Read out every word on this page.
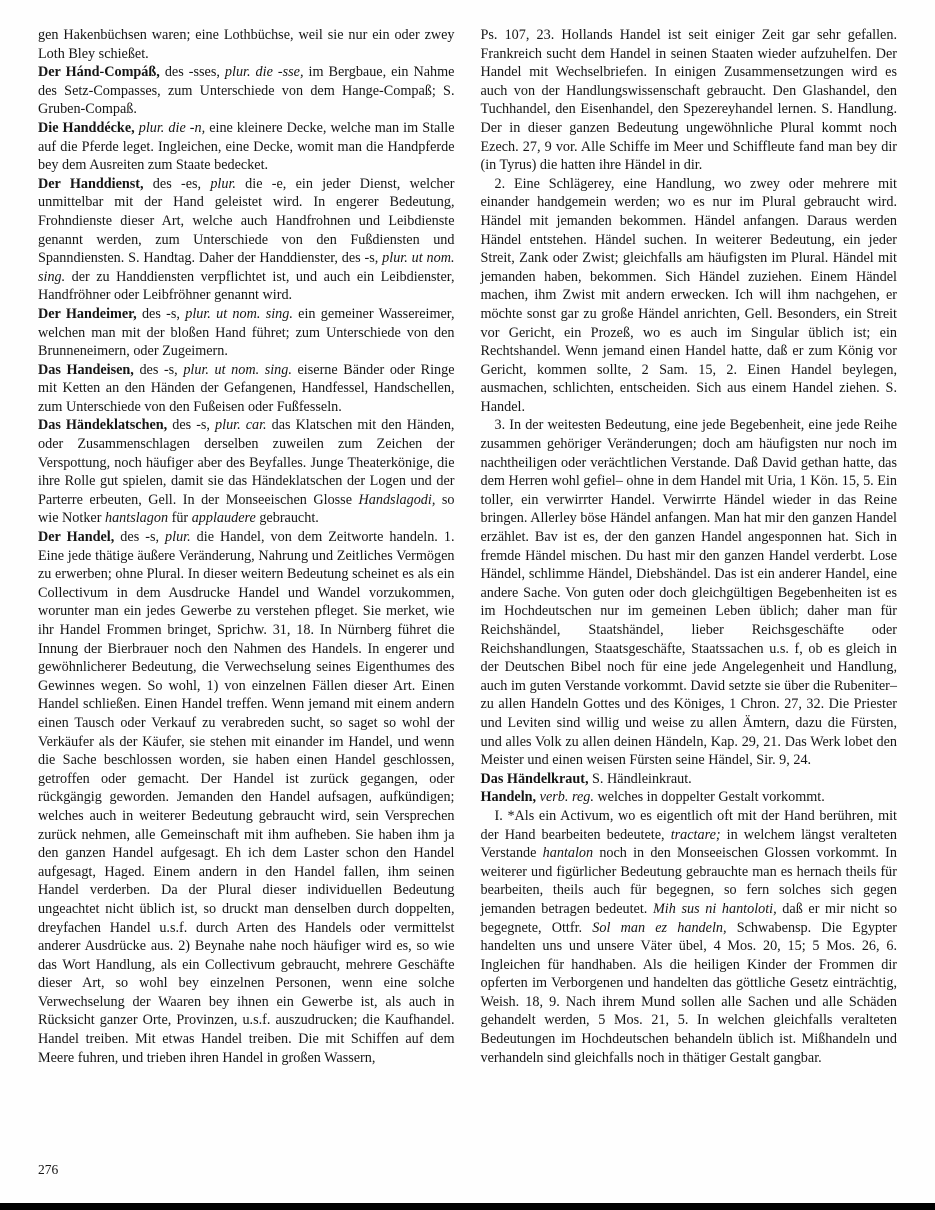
gen Hakenbüchsen waren; eine Lothbüchse, weil sie nur ein oder zwey Loth Bley schießet.

Der Hánd-Compáß, des -sses, plur. die -sse, im Bergbaue, ein Nahme des Setz-Compasses, zum Unterschiede von dem Hange-Compaß; S. Gruben-Compaß.

Die Handdécke, plur. die -n, eine kleinere Decke, welche man im Stalle auf die Pferde leget. Ingleichen, eine Decke, womit man die Handpferde bey dem Ausreiten zum Staate bedecket.

Der Handdienst, des -es, plur. die -e, ein jeder Dienst, welcher unmittelbar mit der Hand geleistet wird. In engerer Bedeutung, Frohndienste dieser Art, welche auch Handfrohnen und Leibdienste genannt werden, zum Unterschiede von den Fußdiensten und Spanndiensten. S. Handtag. Daher der Handdienster, des -s, plur. ut nom. sing. der zu Handdiensten verpflichtet ist, und auch ein Leibdienster, Handfröhner oder Leibfröhner genannt wird.

Der Handeimer, des -s, plur. ut nom. sing. ein gemeiner Wassereimer, welchen man mit der bloßen Hand führet; zum Unterschiede von den Brunneneimern, oder Zugeimern.

Das Handeisen, des -s, plur. ut nom. sing. eiserne Bänder oder Ringe mit Ketten an den Händen der Gefangenen, Handfessel, Handschellen, zum Unterschiede von den Fußeisen oder Fußfesseln.

Das Händeklatschen, des -s, plur. car. das Klatschen mit den Händen, oder Zusammenschlagen derselben zuweilen zum Zeichen der Verspottung, noch häufiger aber des Beyfalles. Junge Theaterkönige, die ihre Rolle gut spielen, damit sie das Händeklatschen der Logen und der Parterre erbeuten, Gell. In der Monseeischen Glosse Handslagodi, so wie Notker hantslagon für applaudere gebraucht.

Der Handel, des -s, plur. die Handel, von dem Zeitworte handeln. 1. Eine jede thätige äußere Veränderung, Nahrung und Zeitliches Vermögen zu erwerben; ohne Plural. In dieser weitern Bedeutung scheinet es als ein Collectivum in dem Ausdrucke Handel und Wandel vorzukommen, worunter man ein jedes Gewerbe zu verstehen pfleget. Sie merket, wie ihr Handel Frommen bringet, Sprichw. 31, 18. In Nürnberg führet die Innung der Bierbrauer noch den Nahmen des Handels. In engerer und gewöhnlicherer Bedeutung, die Verwechselung seines Eigenthumes des Gewinnes wegen. So wohl, 1) von einzelnen Fällen dieser Art. Einen Handel schließen. Einen Handel treffen. Wenn jemand mit einem andern einen Tausch oder Verkauf zu verabreden sucht, so saget so wohl der Verkäufer als der Käufer, sie stehen mit einander im Handel, und wenn die Sache beschlossen worden, sie haben einen Handel geschlossen, getroffen oder gemacht. Der Handel ist zurück gegangen, oder rückgängig geworden. Jemanden den Handel aufsagen, aufkündigen; welches auch in weiterer Bedeutung gebraucht wird, sein Versprechen zurück nehmen, alle Gemeinschaft mit ihm aufheben. Sie haben ihm ja den ganzen Handel aufgesagt. Eh ich dem Laster schon den Handel aufgesagt, Haged. Einem andern in den Handel fallen, ihm seinen Handel verderben. Da der Plural dieser individuellen Bedeutung ungeachtet nicht üblich ist, so druckt man denselben durch doppelten, dreyfachen Handel u.s.f. durch Arten des Handels oder vermittelst anderer Ausdrücke aus. 2) Beynahe nahe noch häufiger wird es, so wie das Wort Handlung, als ein Collectivum gebraucht, mehrere Geschäfte dieser Art, so wohl bey einzelnen Personen, wenn eine solche Verwechselung der Waaren bey ihnen ein Gewerbe ist, als auch in Rücksicht ganzer Orte, Provinzen, u.s.f. auszudrucken; die Kaufhandel. Handel treiben. Mit etwas Handel treiben. Die mit Schiffen auf dem Meere fuhren, und trieben ihren Handel in großen Wassern,

Ps. 107, 23. Hollands Handel ist seit einiger Zeit gar sehr gefallen. Frankreich sucht dem Handel in seinen Staaten wieder aufzuhelfen. Der Handel mit Wechselbriefen. In einigen Zusammensetzungen wird es auch von der Handlungswissenschaft gebraucht. Den Glashandel, den Tuchhandel, den Eisenhandel, den Spezereyhandel lernen. S. Handlung. Der in dieser ganzen Bedeutung ungewöhnliche Plural kommt noch Ezech. 27, 9 vor. Alle Schiffe im Meer und Schiffleute fand man bey dir (in Tyrus) die hatten ihre Händel in dir.

2. Eine Schlägerey, eine Handlung, wo zwey oder mehrere mit einander handgemein werden; wo es nur im Plural gebraucht wird. Händel mit jemanden bekommen. Händel anfangen. Daraus werden Händel entstehen. Händel suchen. In weiterer Bedeutung, ein jeder Streit, Zank oder Zwist; gleichfalls am häufigsten im Plural. Händel mit jemanden haben, bekommen. Sich Händel zuziehen. Einem Händel machen, ihm Zwist mit andern erwecken. Ich will ihm nachgehen, er möchte sonst gar zu große Händel anrichten, Gell. Besonders, ein Streit vor Gericht, ein Prozeß, wo es auch im Singular üblich ist; ein Rechtshandel. Wenn jemand einen Handel hatte, daß er zum König vor Gericht, kommen sollte, 2 Sam. 15, 2. Einen Handel beylegen, ausmachen, schlichten, entscheiden. Sich aus einem Handel ziehen. S. Handel.

3. In der weitesten Bedeutung, eine jede Begebenheit, eine jede Reihe zusammen gehöriger Veränderungen; doch am häufigsten nur noch im nachtheiligen oder verächtlichen Verstande. Daß David gethan hatte, das dem Herren wohl gefiel– ohne in dem Handel mit Uria, 1 Kön. 15, 5. Ein toller, ein verwirrter Handel. Verwirrte Händel wieder in das Reine bringen. Allerley böse Händel anfangen. Man hat mir den ganzen Handel erzählet. Bav ist es, der den ganzen Handel angesponnen hat. Sich in fremde Händel mischen. Du hast mir den ganzen Handel verderbt. Lose Händel, schlimme Händel, Diebshändel. Das ist ein anderer Handel, eine andere Sache. Von guten oder doch gleichgültigen Begebenheiten ist es im Hochdeutschen nur im gemeinen Leben üblich; daher man für Reichshändel, Staatshändel, lieber Reichsgeschäfte oder Reichshandlungen, Staatsgeschäfte, Staatssachen u.s. f, ob es gleich in der Deutschen Bibel noch für eine jede Angelegenheit und Handlung, auch im guten Verstande vorkommt. David setzte sie über die Rubeniter– zu allen Handeln Gottes und des Königes, 1 Chron. 27, 32. Die Priester und Leviten sind willig und weise zu allen Ämtern, dazu die Fürsten, und alles Volk zu allen deinen Händeln, Kap. 29, 21. Das Werk lobet den Meister und einen weisen Fürsten seine Händel, Sir. 9, 24.

Das Händelkraut, S. Händleinkraut.

Handeln, verb. reg. welches in doppelter Gestalt vorkommt.

I. *Als ein Activum, wo es eigentlich oft mit der Hand berühren, mit der Hand bearbeiten bedeutete, tractare; in welchem längst veralteten Verstande hantalon noch in den Monseeischen Glossen vorkommt. In weiterer und figürlicher Bedeutung gebrauchte man es hernach theils für bearbeiten, theils auch für begegnen, so fern solches sich gegen jemanden betragen bedeutet. Mih sus ni hantoloti, daß er mir nicht so begegnete, Ottfr. Sol man ez handeln, Schwabensp. Die Egypter handelten uns und unsere Väter übel, 4 Mos. 20, 15; 5 Mos. 26, 6. Ingleichen für handhaben. Als die heiligen Kinder der Frommen dir opferten im Verborgenen und handelten das göttliche Gesetz einträchtig, Weish. 18, 9. Nach ihrem Mund sollen alle Sachen und alle Schäden gehandelt werden, 5 Mos. 21, 5. In welchen gleichfalls veralteten Bedeutungen im Hochdeutschen behandeln üblich ist. Mißhandeln und verhandeln sind gleichfalls noch in thätiger Gestalt gangbar.

276
